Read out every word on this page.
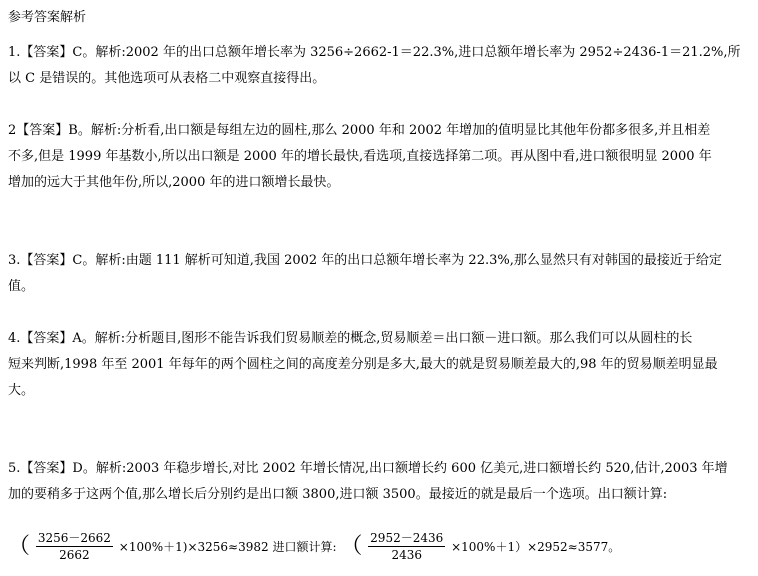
参考答案解析
1.【答案】C。解析:2002 年的出口总额年增长率为 3256÷2662-1＝22.3%,进口总额年增长率为 2952÷2436-1＝21.2%,所
以 C 是错误的。其他选项可从表格二中观察直接得出。
2【答案】B。解析:分析看,出口额是每组左边的圆柱,那么 2000 年和 2002 年增加的值明显比其他年份都多很多,并且相差
不多,但是 1999 年基数小,所以出口额是 2000 年的增长最快,看选项,直接选择第二项。再从图中看,进口额很明显 2000 年
增加的远大于其他年份,所以,2000 年的进口额增长最快。
3.【答案】C。解析:由题 111 解析可知道,我国 2002 年的出口总额年增长率为 22.3%,那么显然只有对韩国的最接近于给定
值。
4.【答案】A。解析:分析题目,图形不能告诉我们贸易顺差的概念,贸易顺差＝出口额－进口额。那么我们可以从圆柱的长
短来判断,1998 年至 2001 年每年的两个圆柱之间的高度差分别是多大,最大的就是贸易顺差最大的,98 年的贸易顺差明显最
大。
5.【答案】D。解析:2003 年稳步增长,对比 2002 年增长情况,出口额增长约 600 亿美元,进口额增长约 520,估计,2003 年增
加的要稍多于这两个值,那么增长后分别约是出口额 3800,进口额 3500。最接近的就是最后一个选项。出口额计算:
（ $\frac{3256-2662}{2662} \times 100\%+1)\times 3256\approx 3982$ 进口额计算: （ $\frac{2952-2436}{2436} \times 100\%+1)\times 2952\approx 3577$。
